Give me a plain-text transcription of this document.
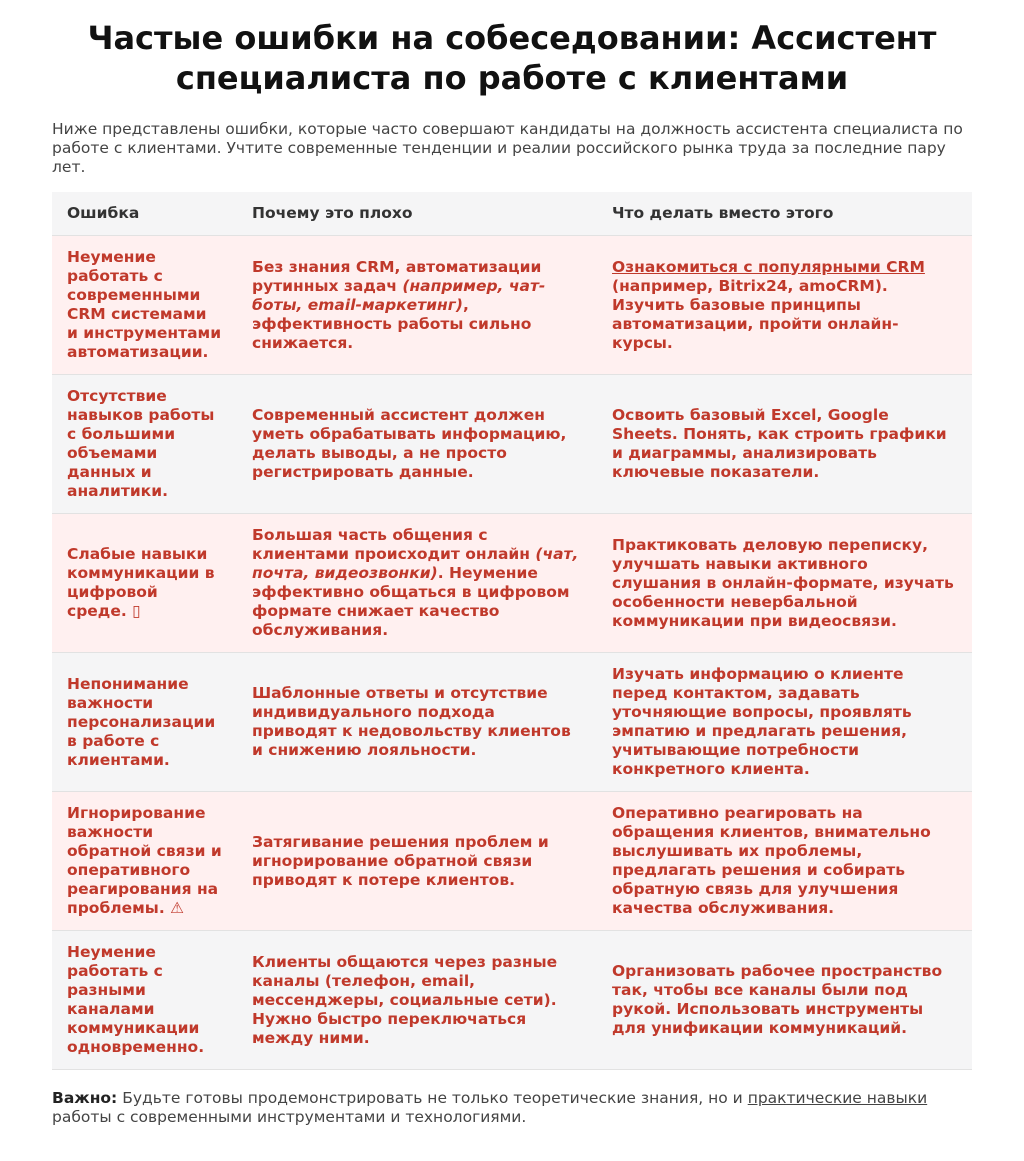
Частые ошибки на собеседовании: Ассистент специалиста по работе с клиентами

Ниже представлены ошибки, которые часто совершают кандидаты на должность ассистента специалиста по работе с клиентами. Учтите современные тенденции и реалии российского рынка труда за последние пару лет.

Ошибка	Почему это плохо	Что делать вместо этого
Неумение работать с современными CRM системами и инструментами автоматизации.	Без знания CRM, автоматизации рутинных задач (например, чат-боты, email-маркетинг), эффективность работы сильно снижается.	Ознакомиться с популярными CRM (например, Bitrix24, amoCRM). Изучить базовые принципы автоматизации, пройти онлайн-курсы.
Отсутствие навыков работы с большими объемами данных и аналитики.	Современный ассистент должен уметь обрабатывать информацию, делать выводы, а не просто регистрировать данные.	Освоить базовый Excel, Google Sheets. Понять, как строить графики и диаграммы, анализировать ключевые показатели.
Слабые навыки коммуникации в цифровой среде. ▯	Большая часть общения с клиентами происходит онлайн (чат, почта, видеозвонки). Неумение эффективно общаться в цифровом формате снижает качество обслуживания.	Практиковать деловую переписку, улучшать навыки активного слушания в онлайн-формате, изучать особенности невербальной коммуникации при видеосвязи.
Непонимание важности персонализации в работе с клиентами.	Шаблонные ответы и отсутствие индивидуального подхода приводят к недовольству клиентов и снижению лояльности.	Изучать информацию о клиенте перед контактом, задавать уточняющие вопросы, проявлять эмпатию и предлагать решения, учитывающие потребности конкретного клиента.
Игнорирование важности обратной связи и оперативного реагирования на проблемы. ⚠	Затягивание решения проблем и игнорирование обратной связи приводят к потере клиентов.	Оперативно реагировать на обращения клиентов, внимательно выслушивать их проблемы, предлагать решения и собирать обратную связь для улучшения качества обслуживания.
Неумение работать с разными каналами коммуникации одновременно.	Клиенты общаются через разные каналы (телефон, email, мессенджеры, социальные сети). Нужно быстро переключаться между ними.	Организовать рабочее пространство так, чтобы все каналы были под рукой. Использовать инструменты для унификации коммуникаций.

Важно: Будьте готовы продемонстрировать не только теоретические знания, но и практические навыки работы с современными инструментами и технологиями.
